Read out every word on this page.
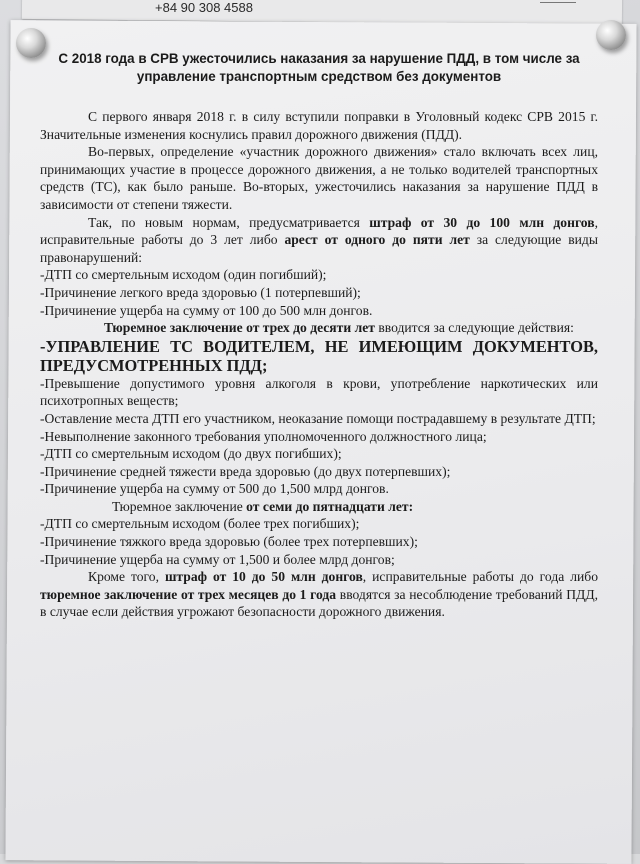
+84 90 308 4588
С 2018 года в СРВ ужесточились наказания за нарушение ПДД, в том числе за управление транспортным средством без документов

С первого января 2018 г. в силу вступили поправки в Уголовный кодекс СРВ 2015 г. Значительные изменения коснулись правил дорожного движения (ПДД).

Во-первых, определение «участник дорожного движения» стало включать всех лиц, принимающих участие в процессе дорожного движения, а не только водителей транспортных средств (ТС), как было раньше. Во-вторых, ужесточились наказания за нарушение ПДД в зависимости от степени тяжести.

Так, по новым нормам, предусматривается штраф от 30 до 100 млн донгов, исправительные работы до 3 лет либо арест от одного до пяти лет за следующие виды правонарушений:

-ДТП со смертельным исходом (один погибший);

-Причинение легкого вреда здоровью (1 потерпевший);

-Причинение ущерба на сумму от 100 до 500 млн донгов.

Тюремное заключение от трех до десяти лет вводится за следующие действия:

-УПРАВЛЕНИЕ ТС ВОДИТЕЛЕМ, НЕ ИМЕЮЩИМ ДОКУМЕНТОВ, ПРЕДУСМОТРЕННЫХ ПДД;

-Превышение допустимого уровня алкоголя в крови, употребление наркотических или психотропных веществ;

-Оставление места ДТП его участником, неоказание помощи пострадавшему в результате ДТП;

-Невыполнение законного требования уполномоченного должностного лица;

-ДТП со смертельным исходом (до двух погибших);

-Причинение средней тяжести вреда здоровью (до двух потерпевших);

-Причинение ущерба на сумму от 500 до 1,500 млрд донгов.

Тюремное заключение от семи до пятнадцати лет:

-ДТП со смертельным исходом (более трех погибших);

-Причинение тяжкого вреда здоровью (более трех потерпевших);

-Причинение ущерба на сумму от 1,500 и более млрд донгов;

Кроме того, штраф от 10 до 50 млн донгов, исправительные работы до года либо тюремное заключение от трех месяцев до 1 года вводятся за несоблюдение требований ПДД, в случае если действия угрожают безопасности дорожного движения.
